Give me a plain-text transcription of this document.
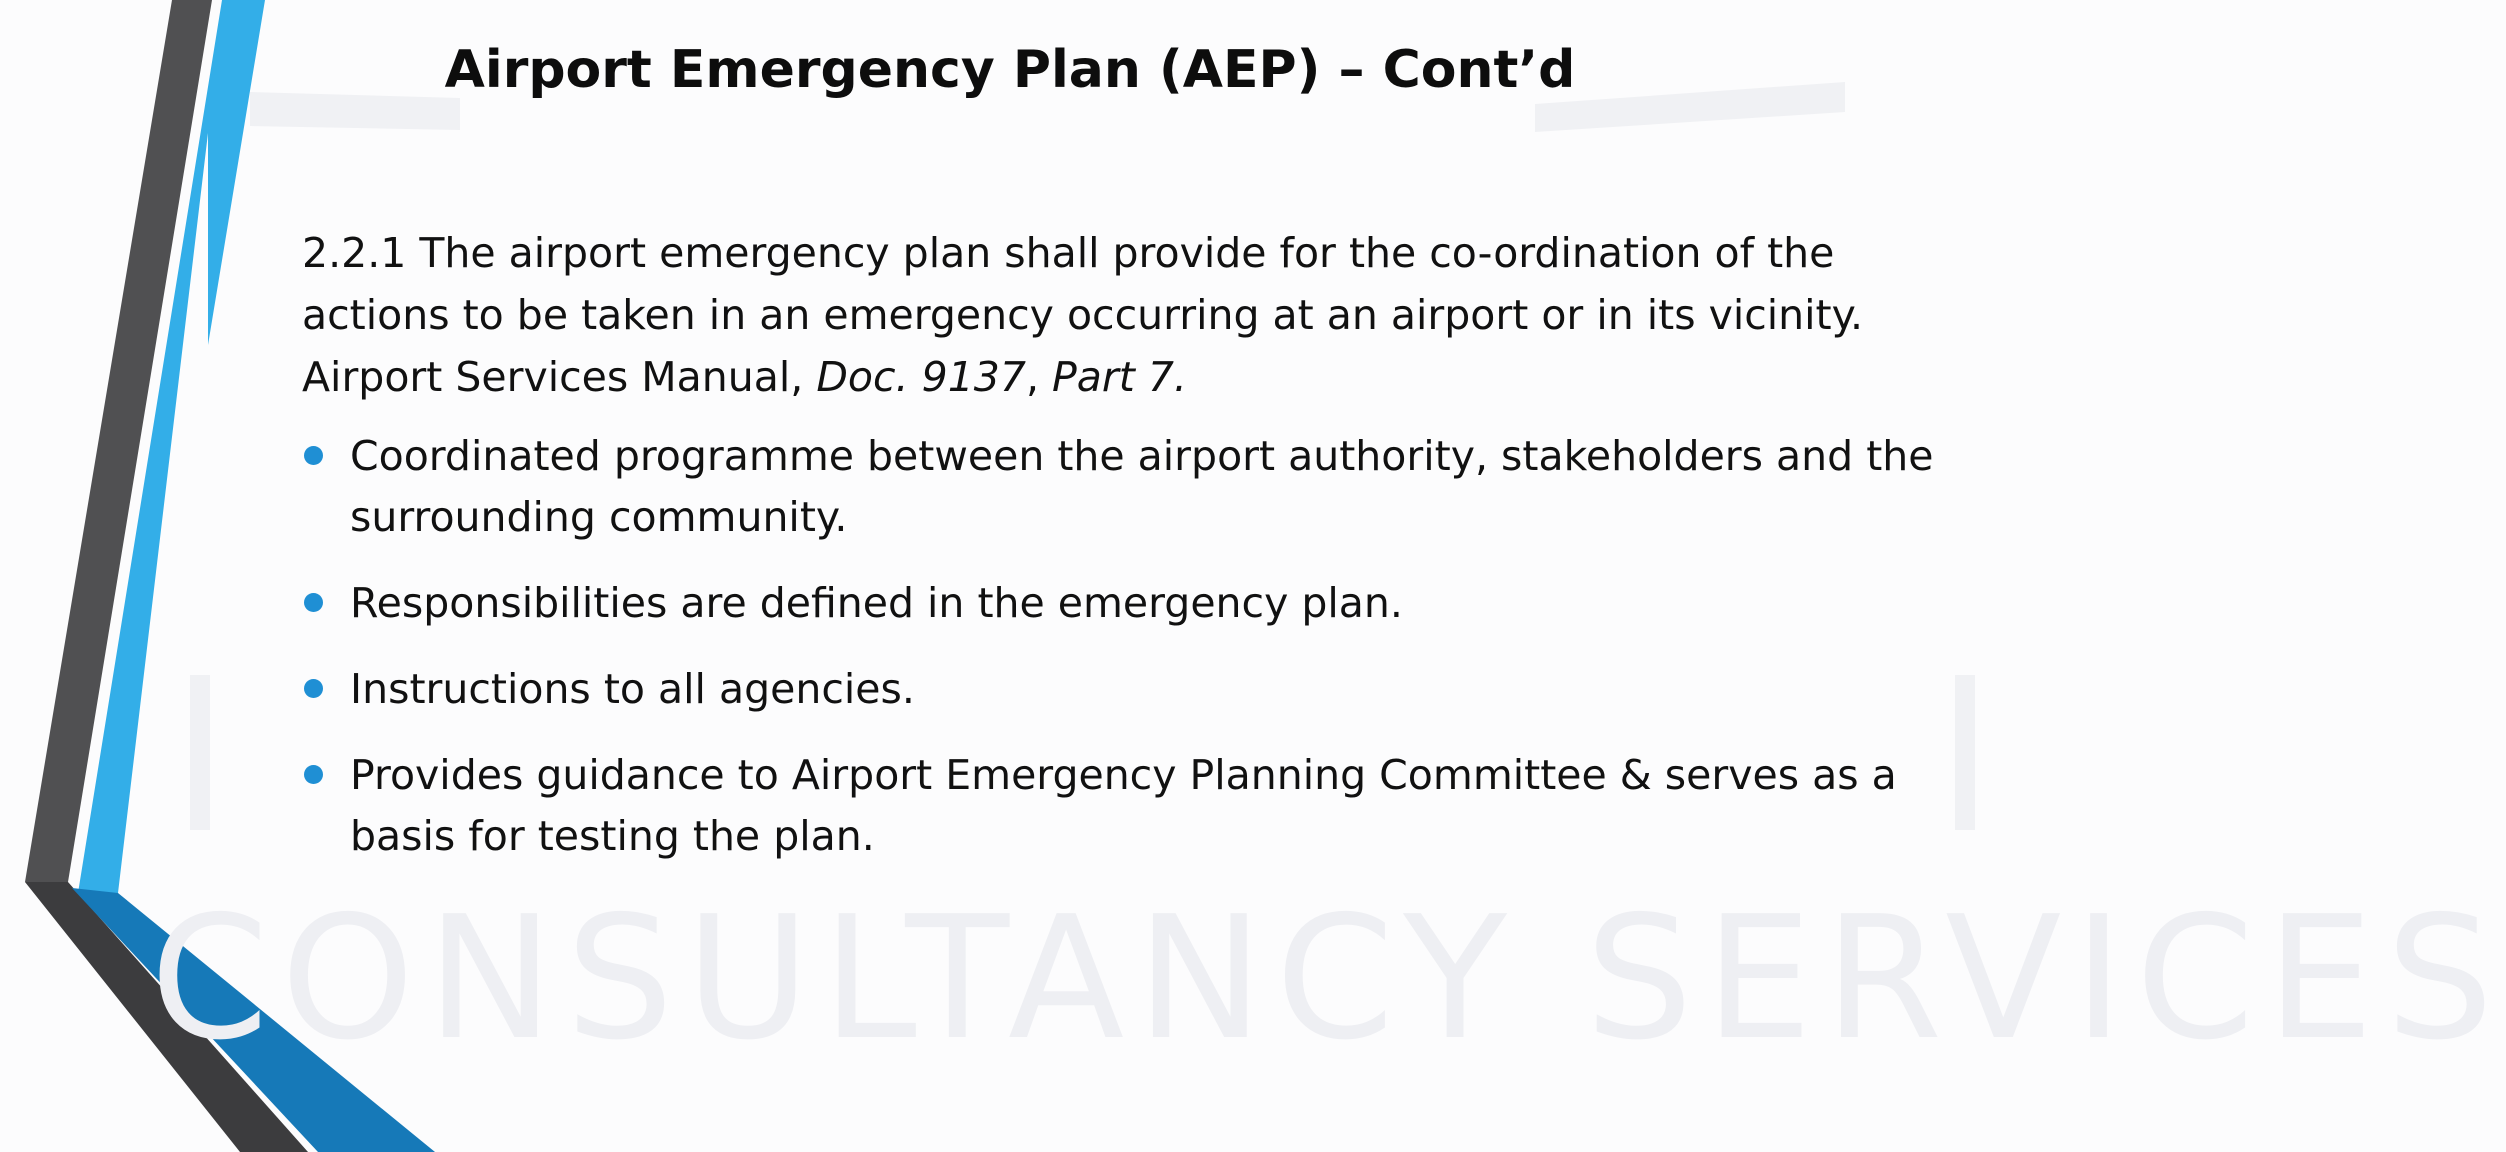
CONSULTANCY SERVICES
Airport Emergency Plan (AEP) – Cont’d

2.2.1 The airport emergency plan shall provide for the co-ordination of the actions to be taken in an emergency occurring at an airport or in its vicinity. Airport Services Manual, Doc. 9137, Part 7.

Coordinated programme between the airport authority, stakeholders and the surrounding community.
Responsibilities are defined in the emergency plan.
Instructions to all agencies.
Provides guidance to Airport Emergency Planning Committee & serves as a basis for testing the plan.
